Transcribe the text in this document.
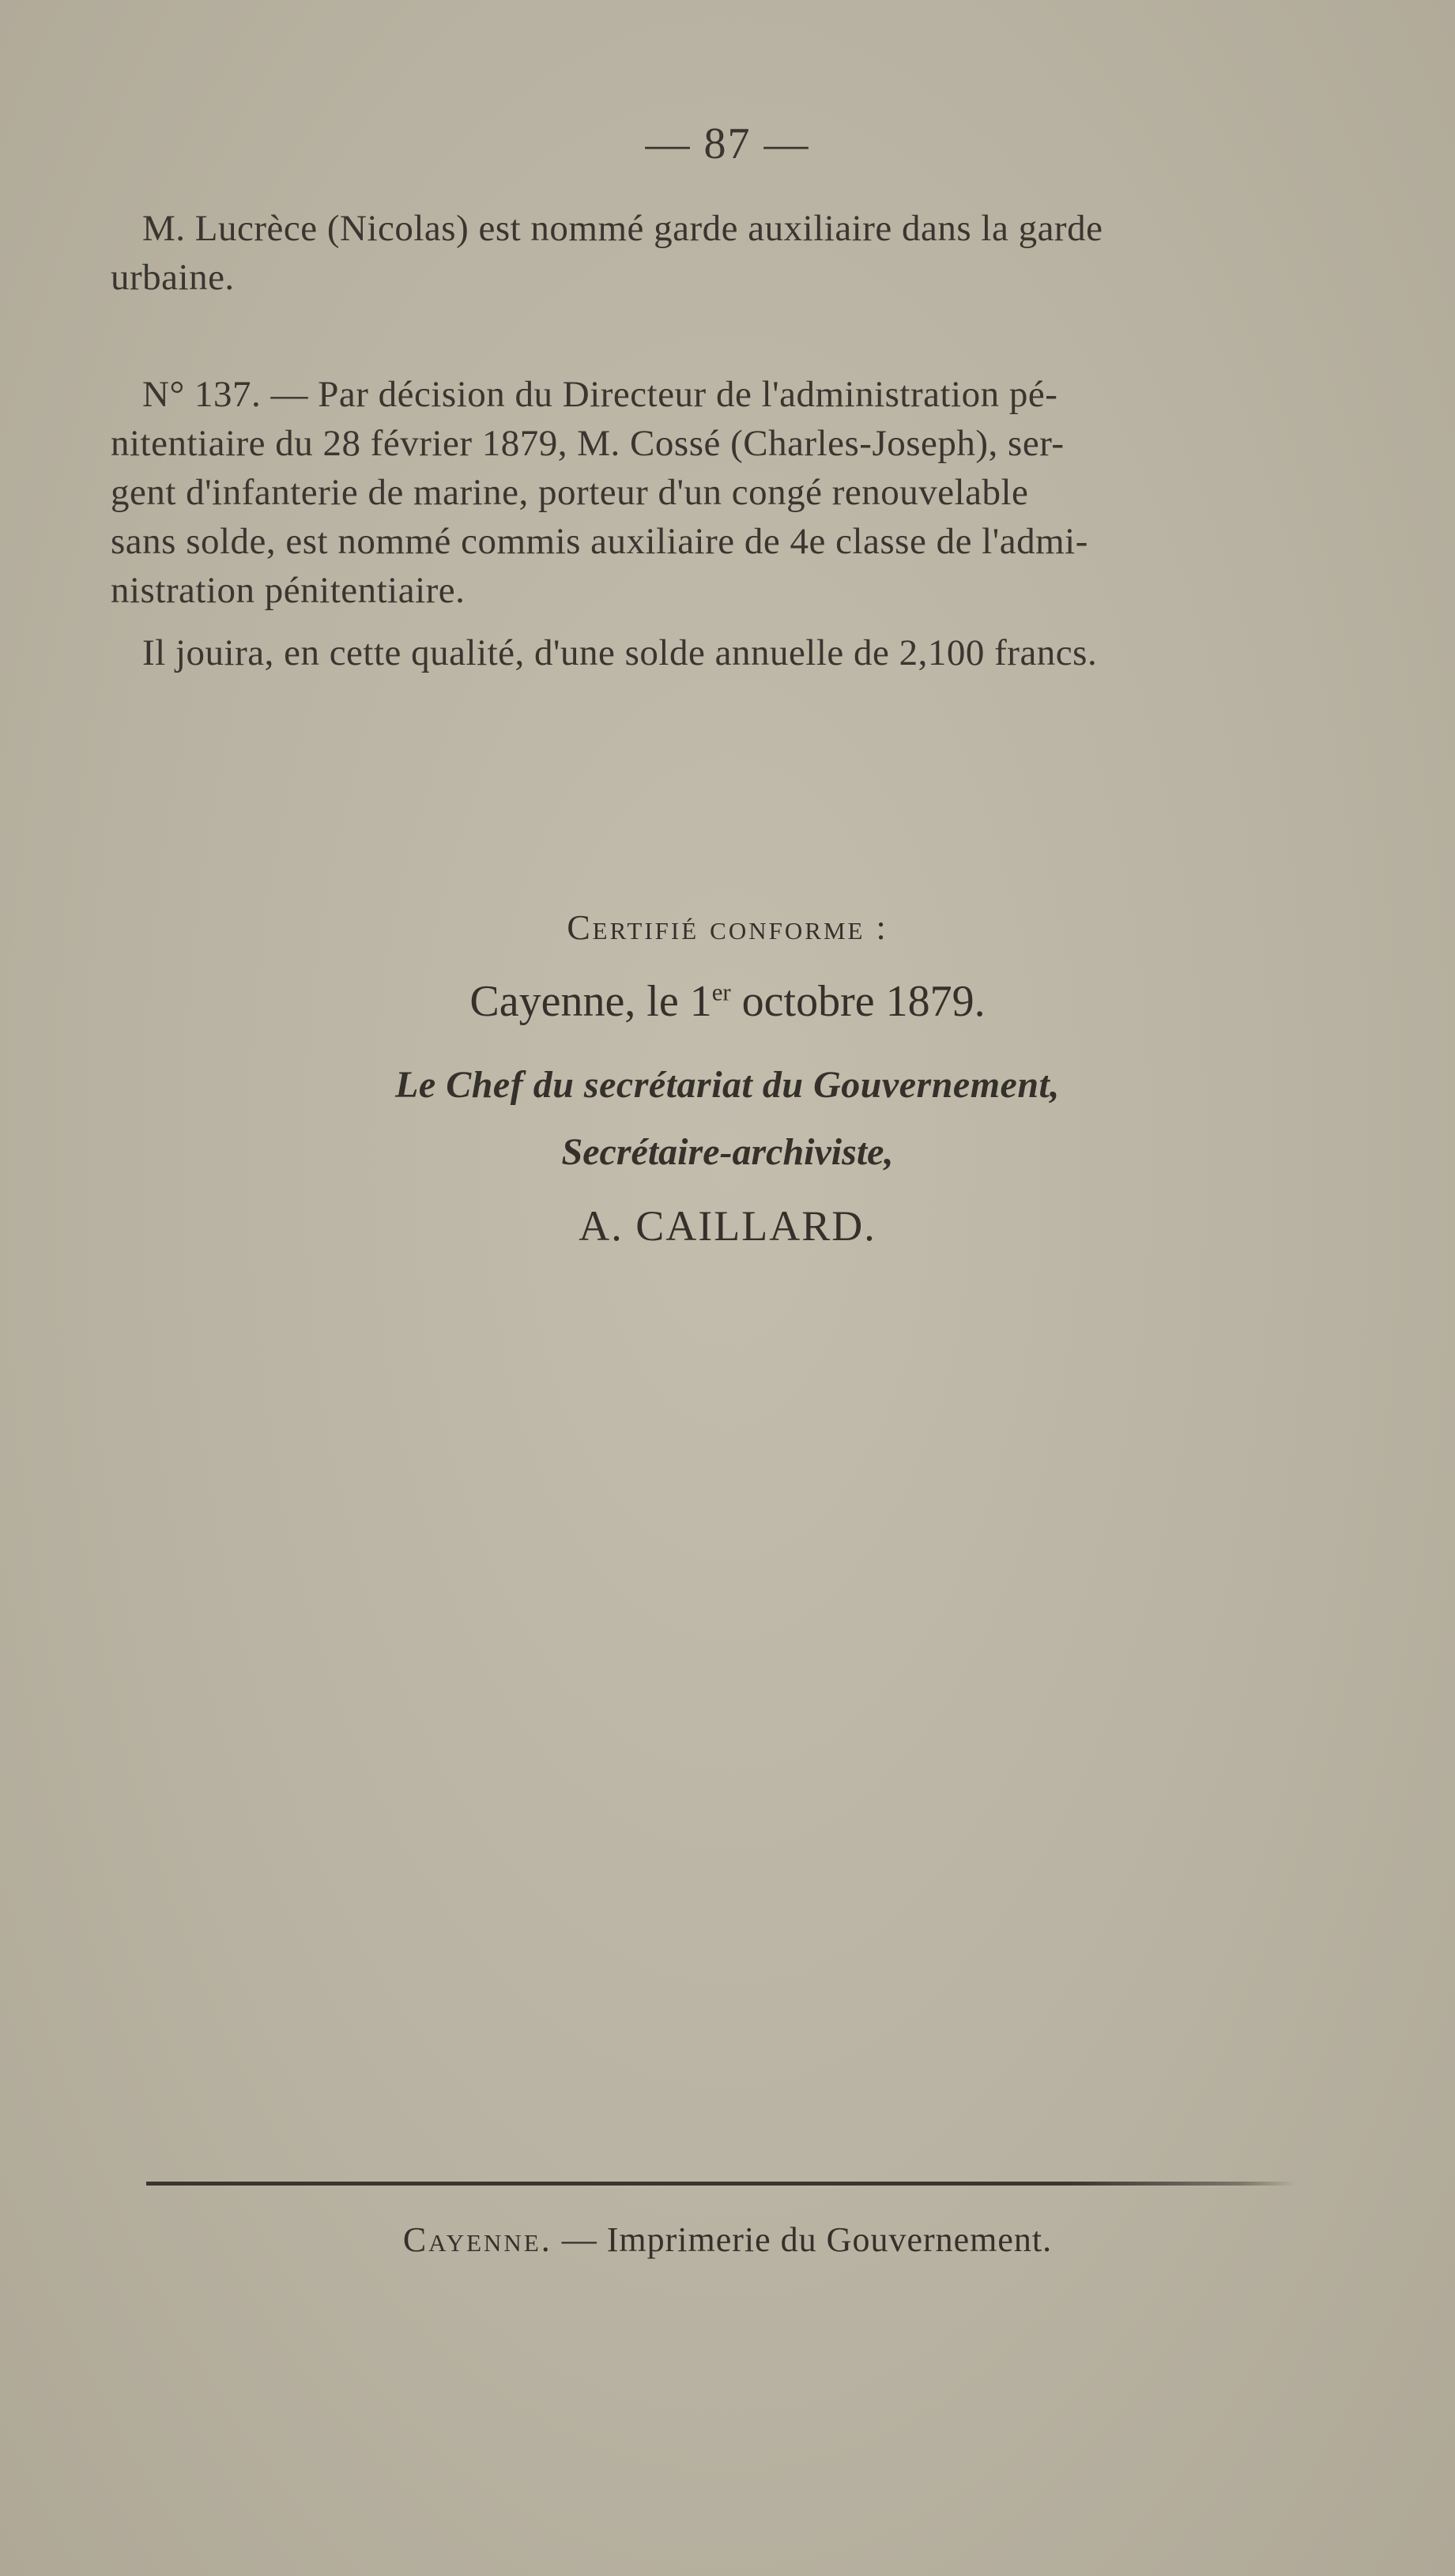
— 87 —
M. Lucrèce (Nicolas) est nommé garde auxiliaire dans la garde
urbaine.
N° 137. — Par décision du Directeur de l'administration pé-
nitentiaire du 28 février 1879, M. Cossé (Charles-Joseph), ser-
gent d'infanterie de marine, porteur d'un congé renouvelable
sans solde, est nommé commis auxiliaire de 4e classe de l'admi-
nistration pénitentiaire.
Il jouira, en cette qualité, d'une solde annuelle de 2,100 francs.
Certifié conforme :
Cayenne, le 1er octobre 1879.
Le Chef du secrétariat du Gouvernement,
Secrétaire-archiviste,
A. CAILLARD.
Cayenne. — Imprimerie du Gouvernement.
